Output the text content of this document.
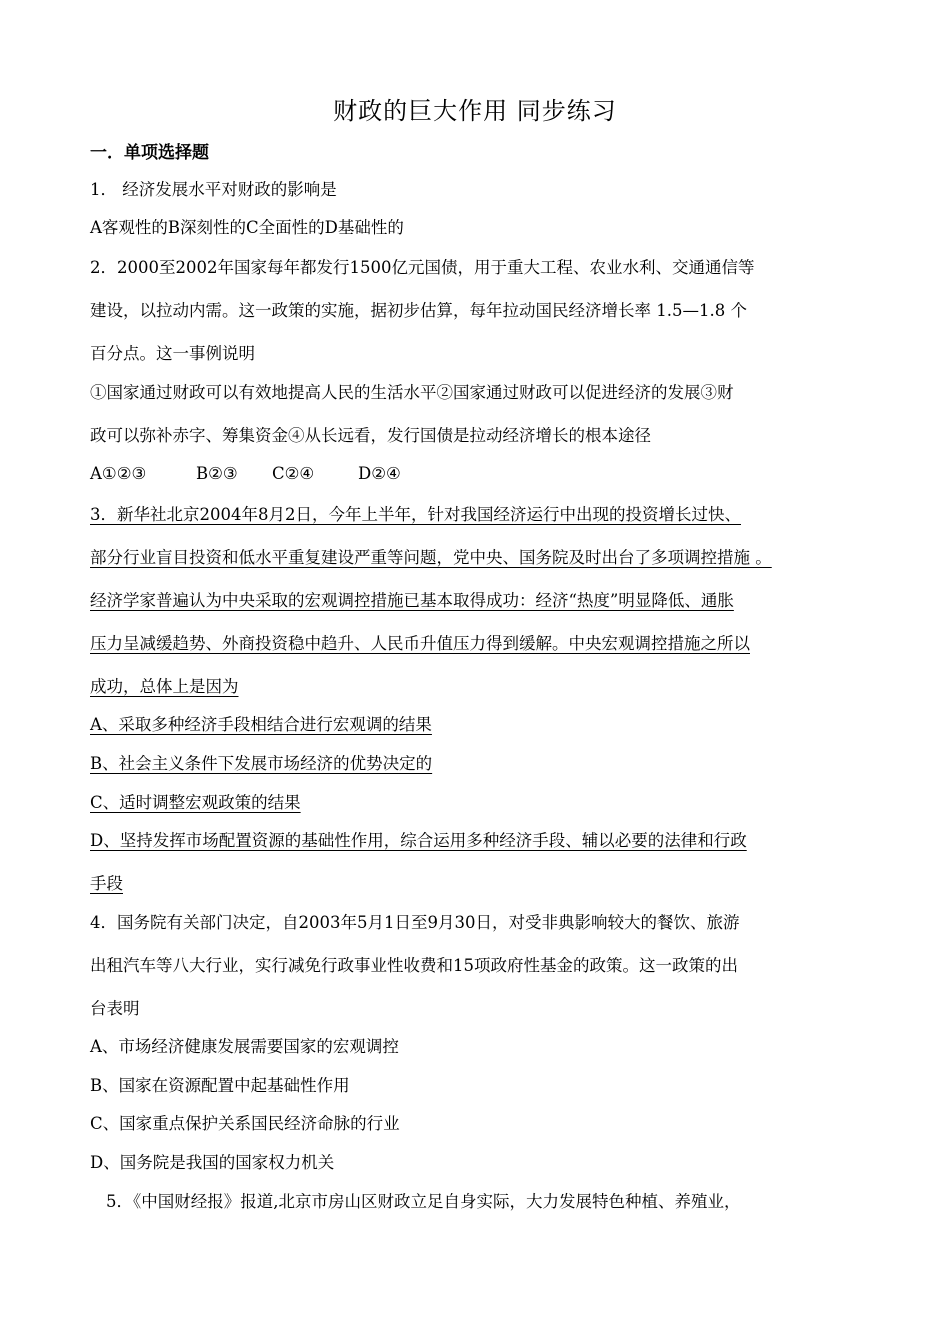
财政的巨大作用 同步练习
一．单项选择题
1． 经济发展水平对财政的影响是
A客观性的B深刻性的C全面性的D基础性的
2．2000至2002年国家每年都发行1500亿元国债，用于重大工程、农业水利、交通通信等
建设，以拉动内需。这一政策的实施，据初步估算，每年拉动国民经济增长率 1.5—1.8 个
百分点。这一事例说明
①国家通过财政可以有效地提高人民的生活水平②国家通过财政可以促进经济的发展③财
政可以弥补赤字、筹集资金④从长远看，发行国债是拉动经济增长的根本途径
A①②③	B②③ C②④	D②④
3．新华社北京2004年8月2日，今年上半年，针对我国经济运行中出现的投资增长过快、
部分行业盲目投资和低水平重复建设严重等问题，党中央、国务院及时出台了多项调控措施 。
经济学家普遍认为中央采取的宏观调控措施已基本取得成功：经济“热度”明显降低、通胀
压力呈减缓趋势、外商投资稳中趋升、人民币升值压力得到缓解。中央宏观调控措施之所以
成功，总体上是因为
A、采取多种经济手段相结合进行宏观调的结果
B、社会主义条件下发展市场经济的优势决定的
C、适时调整宏观政策的结果
D、坚持发挥市场配置资源的基础性作用，综合运用多种经济手段、辅以必要的法律和行政
手段
4．国务院有关部门决定，自2003年5月1日至9月30日，对受非典影响较大的餐饮、旅游
出租汽车等八大行业，实行减免行政事业性收费和15项政府性基金的政策。这一政策的出
台表明
A、市场经济健康发展需要国家的宏观调控
B、国家在资源配置中起基础性作用
C、国家重点保护关系国民经济命脉的行业
D、国务院是我国的国家权力机关
5．《中国财经报》报道,北京市房山区财政立足自身实际，大力发展特色种植、养殖业，
